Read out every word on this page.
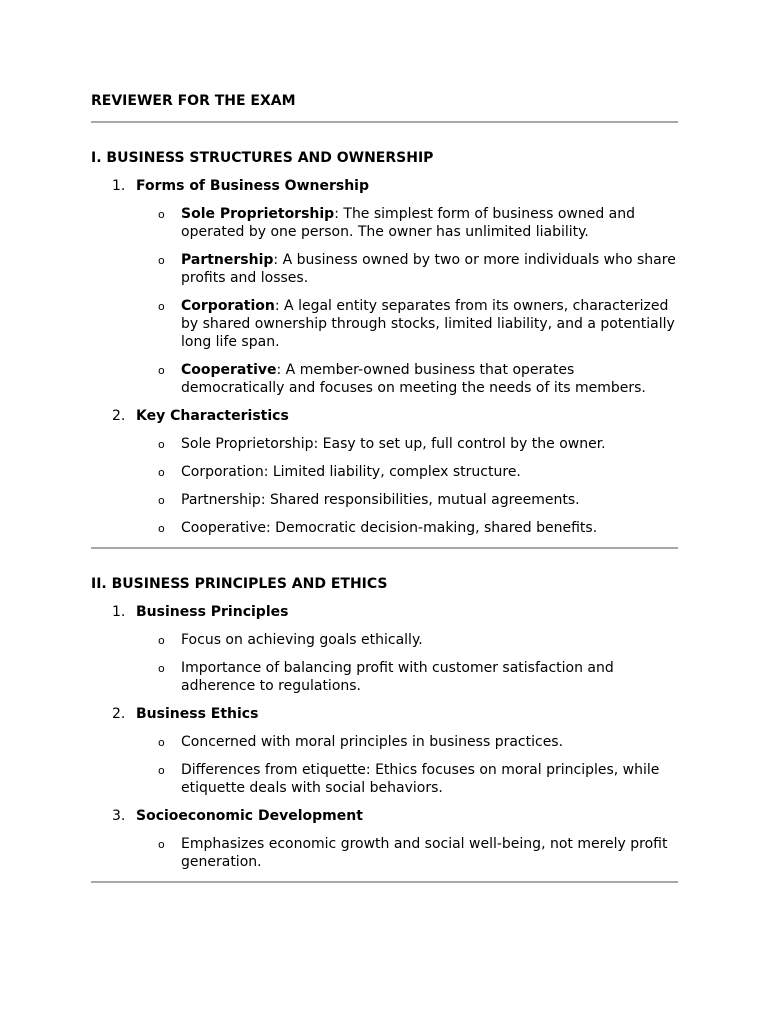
REVIEWER FOR THE EXAM
I. BUSINESS STRUCTURES AND OWNERSHIP
1. Forms of Business Ownership
o Sole Proprietorship: The simplest form of business owned and operated by one person. The owner has unlimited liability.
o Partnership: A business owned by two or more individuals who share profits and losses.
o Corporation: A legal entity separates from its owners, characterized by shared ownership through stocks, limited liability, and a potentially long life span.
o Cooperative: A member-owned business that operates democratically and focuses on meeting the needs of its members.
2. Key Characteristics
o Sole Proprietorship: Easy to set up, full control by the owner.
o Corporation: Limited liability, complex structure.
o Partnership: Shared responsibilities, mutual agreements.
o Cooperative: Democratic decision-making, shared benefits.
II. BUSINESS PRINCIPLES AND ETHICS
1. Business Principles
o Focus on achieving goals ethically.
o Importance of balancing profit with customer satisfaction and adherence to regulations.
2. Business Ethics
o Concerned with moral principles in business practices.
o Differences from etiquette: Ethics focuses on moral principles, while etiquette deals with social behaviors.
3. Socioeconomic Development
o Emphasizes economic growth and social well-being, not merely profit generation.
